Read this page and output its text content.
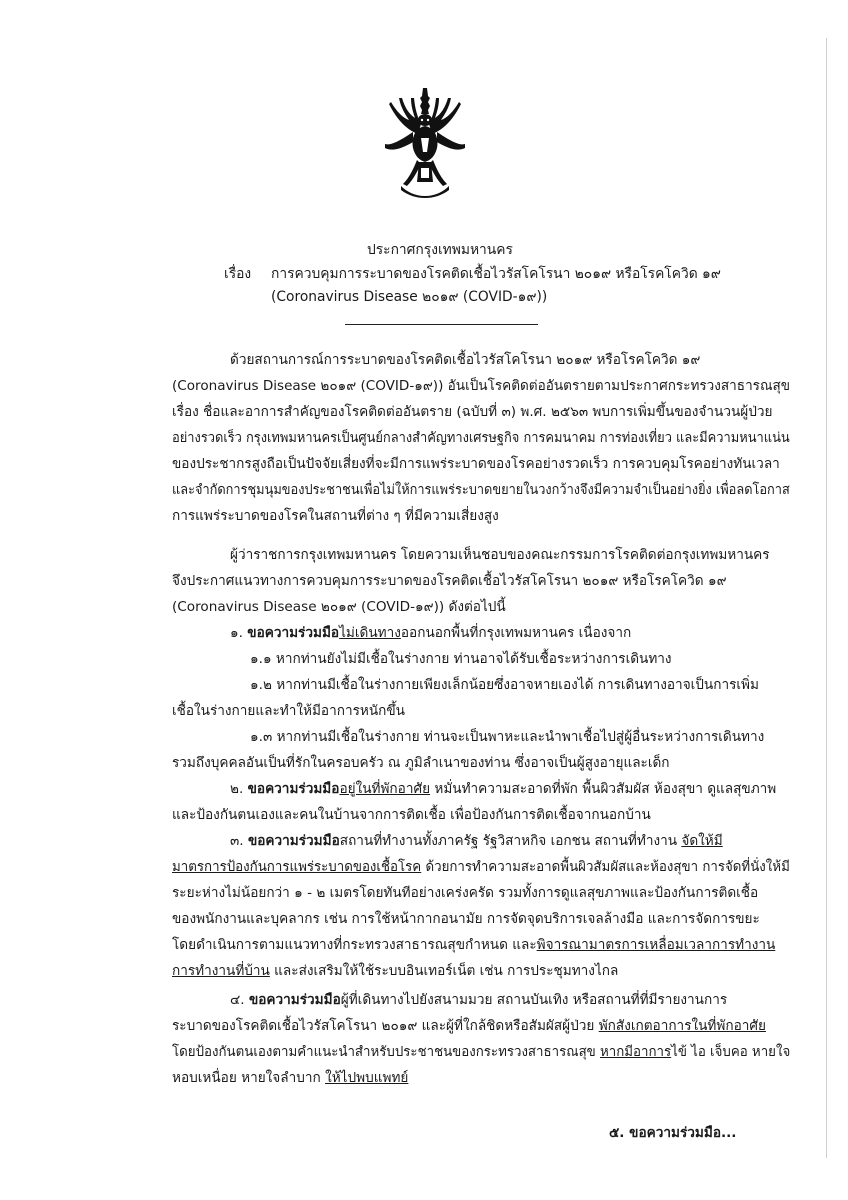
ประกาศกรุงเทพมหานคร
เรื่อง การควบคุมการระบาดของโรคติดเชื้อไวรัสโคโรนา ๒๐๑๙ หรือโรคโควิด ๑๙
(Coronavirus Disease ๒๐๑๙ (COVID-๑๙))
ด้วยสถานการณ์การระบาดของโรคติดเชื้อไวรัสโคโรนา ๒๐๑๙ หรือโรคโควิด ๑๙
(Coronavirus Disease ๒๐๑๙ (COVID-๑๙)) อันเป็นโรคติดต่ออันตรายตามประกาศกระทรวงสาธารณสุข
เรื่อง ชื่อและอาการสำคัญของโรคติดต่ออันตราย (ฉบับที่ ๓) พ.ศ. ๒๕๖๓ พบการเพิ่มขึ้นของจำนวนผู้ป่วย
อย่างรวดเร็ว กรุงเทพมหานครเป็นศูนย์กลางสำคัญทางเศรษฐกิจ การคมนาคม การท่องเที่ยว และมีความหนาแน่น
ของประชากรสูงถือเป็นปัจจัยเสี่ยงที่จะมีการแพร่ระบาดของโรคอย่างรวดเร็ว การควบคุมโรคอย่างทันเวลา
และจำกัดการชุมนุมของประชาชนเพื่อไม่ให้การแพร่ระบาดขยายในวงกว้างจึงมีความจำเป็นอย่างยิ่ง เพื่อลดโอกาส
การแพร่ระบาดของโรคในสถานที่ต่าง ๆ ที่มีความเสี่ยงสูง
ผู้ว่าราชการกรุงเทพมหานคร โดยความเห็นชอบของคณะกรรมการโรคติดต่อกรุงเทพมหานคร
จึงประกาศแนวทางการควบคุมการระบาดของโรคติดเชื้อไวรัสโคโรนา ๒๐๑๙ หรือโรคโควิด ๑๙
(Coronavirus Disease ๒๐๑๙ (COVID-๑๙)) ดังต่อไปนี้
๑. ขอความร่วมมือไม่เดินทางออกนอกพื้นที่กรุงเทพมหานคร เนื่องจาก
๑.๑ หากท่านยังไม่มีเชื้อในร่างกาย ท่านอาจได้รับเชื้อระหว่างการเดินทาง
๑.๒ หากท่านมีเชื้อในร่างกายเพียงเล็กน้อยซึ่งอาจหายเองได้ การเดินทางอาจเป็นการเพิ่ม
เชื้อในร่างกายและทำให้มีอาการหนักขึ้น
๑.๓ หากท่านมีเชื้อในร่างกาย ท่านจะเป็นพาหะและนำพาเชื้อไปสู่ผู้อื่นระหว่างการเดินทาง
รวมถึงบุคคลอันเป็นที่รักในครอบครัว ณ ภูมิลำเนาของท่าน ซึ่งอาจเป็นผู้สูงอายุและเด็ก
๒. ขอความร่วมมืออยู่ในที่พักอาศัย หมั่นทำความสะอาดที่พัก พื้นผิวสัมผัส ห้องสุขา ดูแลสุขภาพ
และป้องกันตนเองและคนในบ้านจากการติดเชื้อ เพื่อป้องกันการติดเชื้อจากนอกบ้าน
๓. ขอความร่วมมือสถานที่ทำงานทั้งภาครัฐ รัฐวิสาหกิจ เอกชน สถานที่ทำงาน จัดให้มี
มาตรการป้องกันการแพร่ระบาดของเชื้อโรค ด้วยการทำความสะอาดพื้นผิวสัมผัสและห้องสุขา การจัดที่นั่งให้มี
ระยะห่างไม่น้อยกว่า ๑ - ๒ เมตรโดยทันทีอย่างเคร่งครัด รวมทั้งการดูแลสุขภาพและป้องกันการติดเชื้อ
ของพนักงานและบุคลากร เช่น การใช้หน้ากากอนามัย การจัดจุดบริการเจลล้างมือ และการจัดการขยะ
โดยดำเนินการตามแนวทางที่กระทรวงสาธารณสุขกำหนด และพิจารณามาตรการเหลื่อมเวลาการทำงาน
การทำงานที่บ้าน และส่งเสริมให้ใช้ระบบอินเทอร์เน็ต เช่น การประชุมทางไกล
๔. ขอความร่วมมือผู้ที่เดินทางไปยังสนามมวย สถานบันเทิง หรือสถานที่ที่มีรายงานการ
ระบาดของโรคติดเชื้อไวรัสโคโรนา ๒๐๑๙ และผู้ที่ใกล้ชิดหรือสัมผัสผู้ป่วย พักสังเกตอาการในที่พักอาศัย
โดยป้องกันตนเองตามคำแนะนำสำหรับประชาชนของกระทรวงสาธารณสุข หากมีอาการไข้ ไอ เจ็บคอ หายใจ
หอบเหนื่อย หายใจลำบาก ให้ไปพบแพทย์
๕. ขอความร่วมมือ...
